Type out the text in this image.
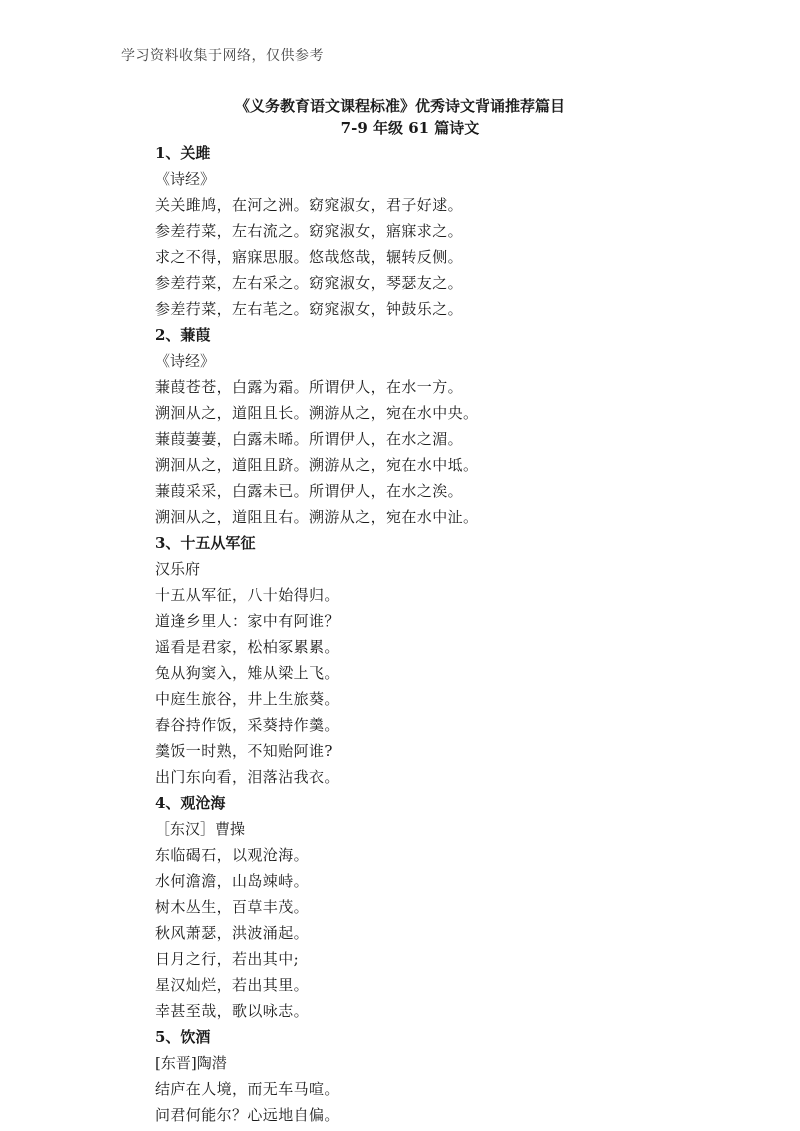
学习资料收集于网络，仅供参考
《义务教育语文课程标准》优秀诗文背诵推荐篇目
7-9 年级 61 篇诗文
1、关雎
《诗经》
关关雎鸠，在河之洲。窈窕淑女，君子好逑。
参差荇菜，左右流之。窈窕淑女，寤寐求之。
求之不得，寤寐思服。悠哉悠哉，辗转反侧。
参差荇菜，左右采之。窈窕淑女，琴瑟友之。
参差荇菜，左右芼之。窈窕淑女，钟鼓乐之。
2、蒹葭
《诗经》
蒹葭苍苍，白露为霜。所谓伊人，在水一方。
溯洄从之，道阻且长。溯游从之，宛在水中央。
蒹葭萋萋，白露未晞。所谓伊人，在水之湄。
溯洄从之，道阻且跻。溯游从之，宛在水中坻。
蒹葭采采，白露未已。所谓伊人，在水之涘。
溯洄从之，道阻且右。溯游从之，宛在水中沚。
3、十五从军征
汉乐府
十五从军征，八十始得归。
道逢乡里人：家中有阿谁？
遥看是君家，松柏冢累累。
兔从狗窦入，雉从梁上飞。
中庭生旅谷，井上生旅葵。
舂谷持作饭，采葵持作羹。
羹饭一时熟，不知贻阿谁?
出门东向看，泪落沾我衣。
4、观沧海
［东汉］曹操
东临碣石，以观沧海。
水何澹澹，山岛竦峙。
树木丛生，百草丰茂。
秋风萧瑟，洪波涌起。
日月之行，若出其中;
星汉灿烂，若出其里。
幸甚至哉，歌以咏志。
5、饮酒
[东晋]陶潜
结庐在人境，而无车马喧。
问君何能尔？心远地自偏。
